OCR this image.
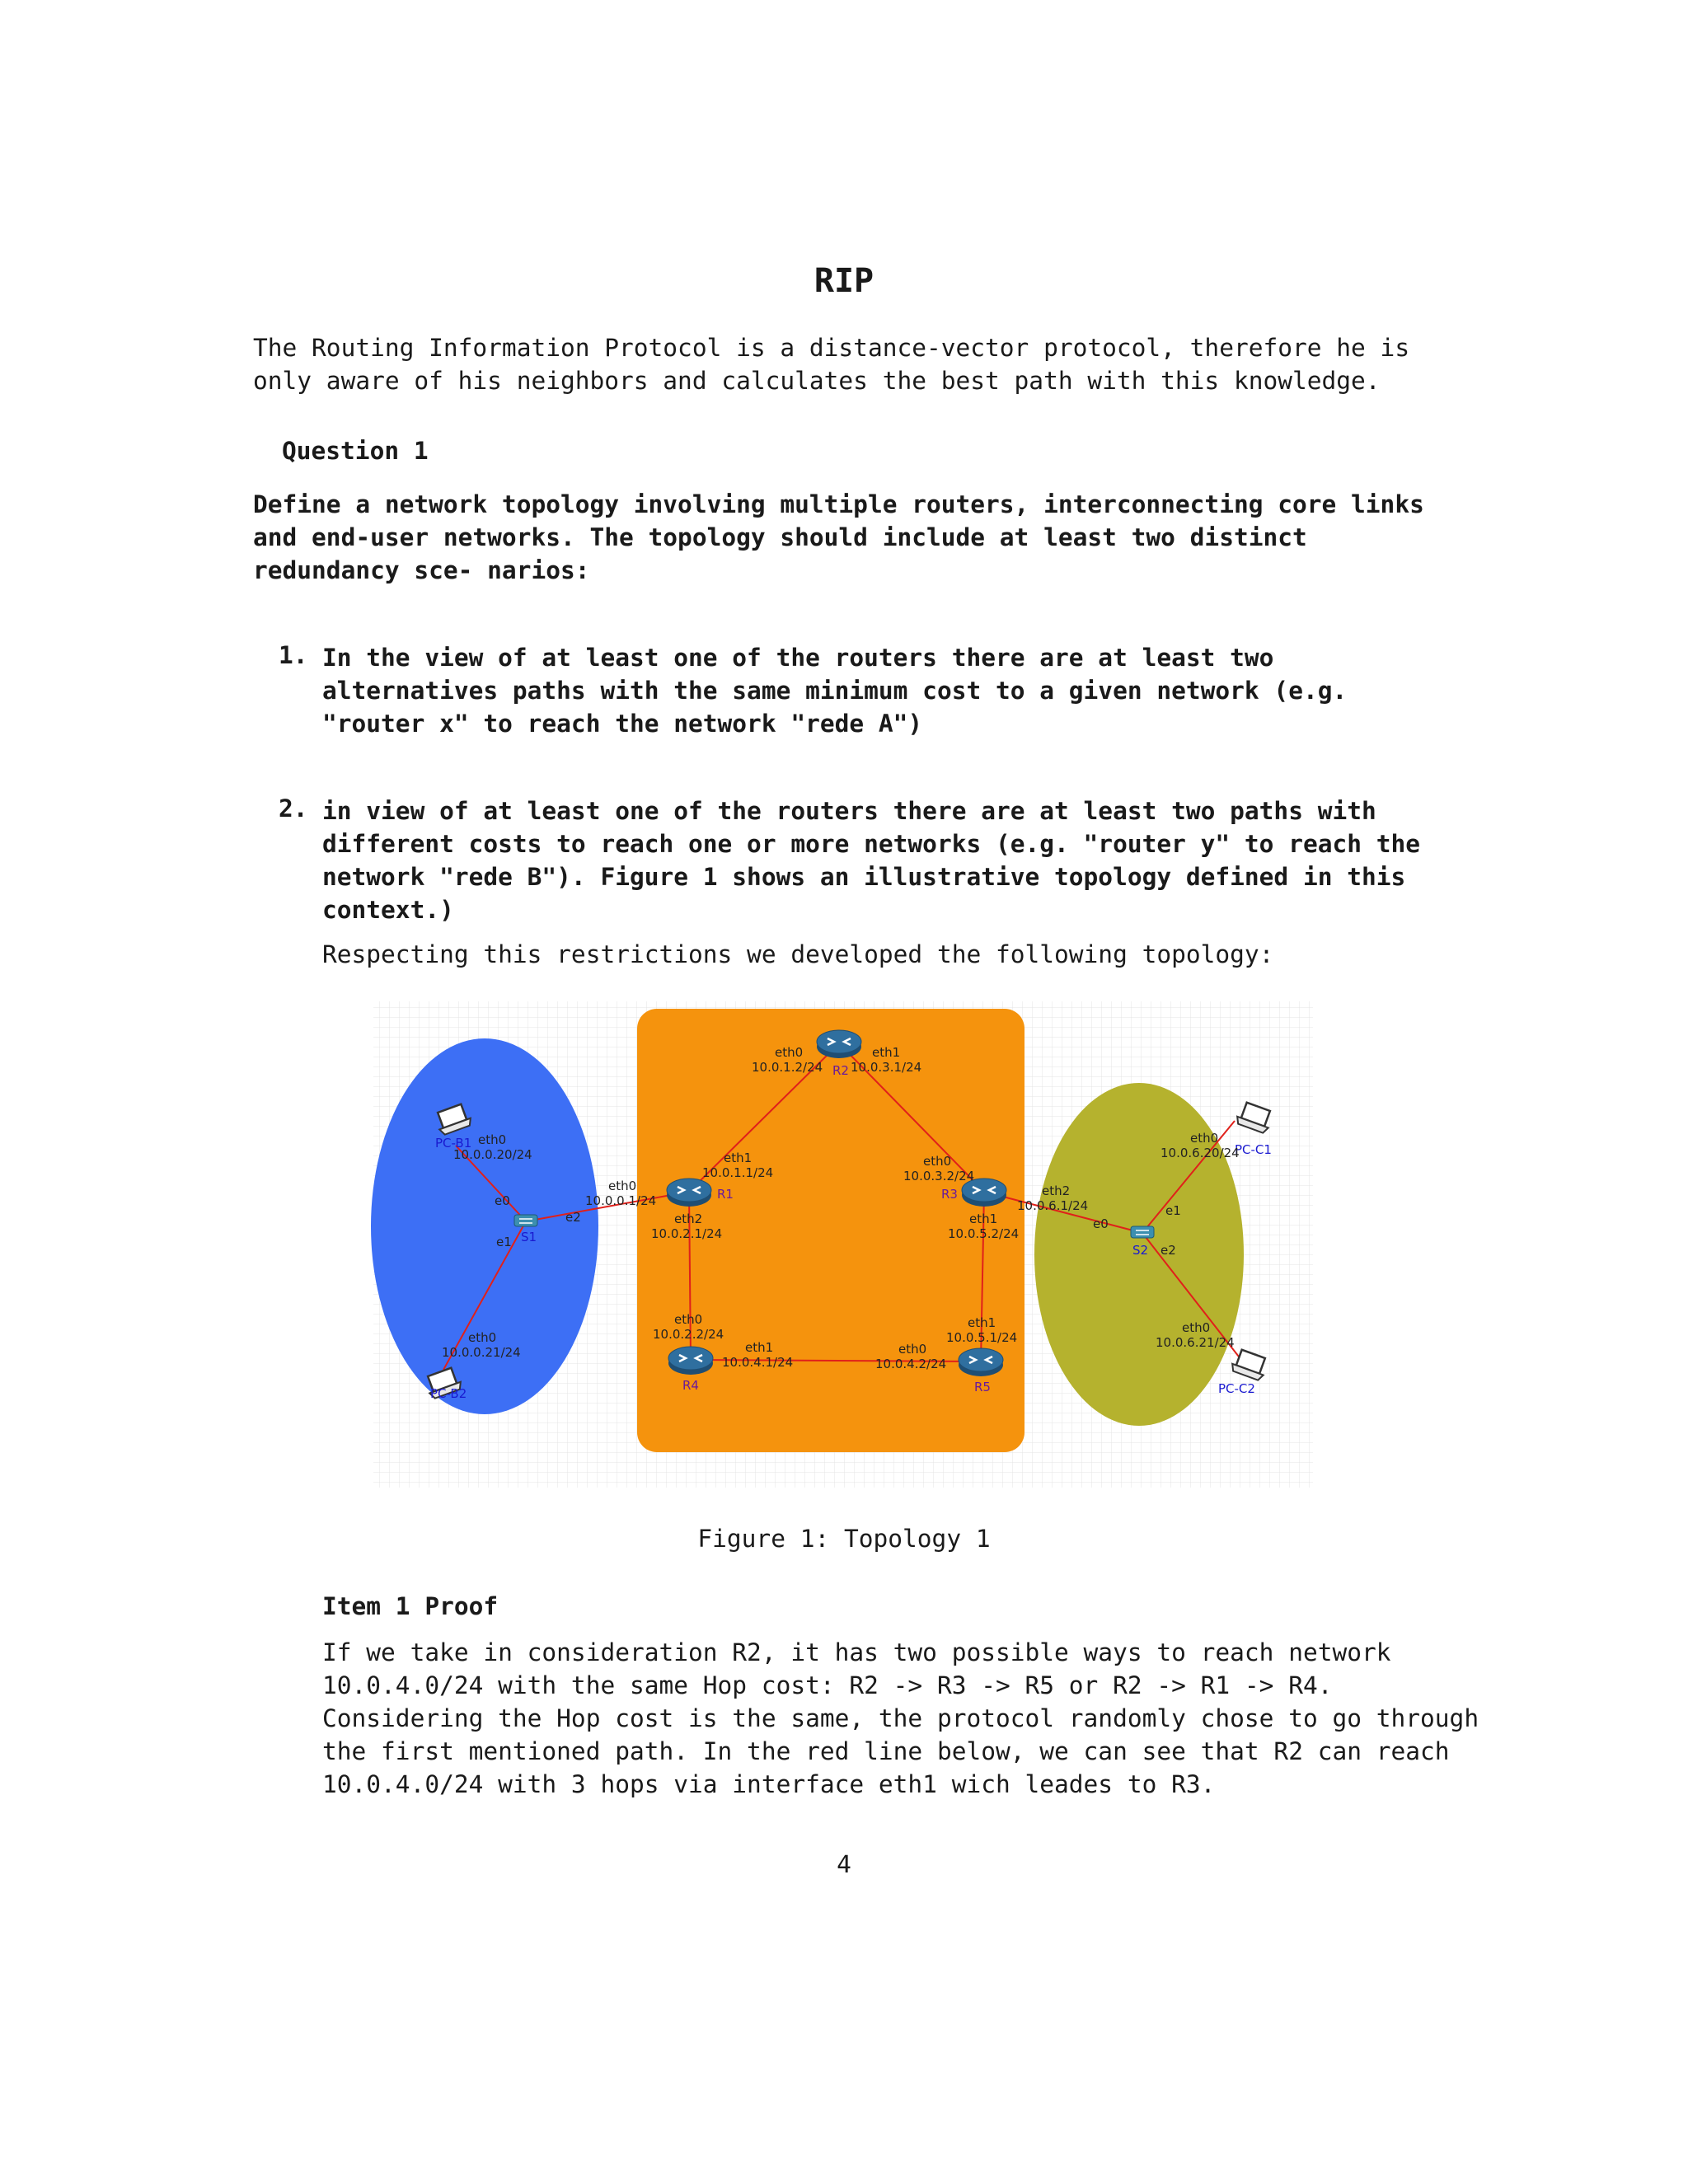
RIP
The Routing Information Protocol is a distance-vector protocol, therefore he is only aware of his neighbors and calculates the best path with this knowledge.
Question 1
Define a network topology involving multiple routers, interconnecting core links and end-user networks. The topology should include at least two distinct redundancy sce- narios:
1. In the view of at least one of the routers there are at least two alternatives paths with the same minimum cost to a given network (e.g. "router x" to reach the network "rede A")
2. in view of at least one of the routers there are at least two paths with different costs to reach one or more networks (e.g. "router y" to reach the network "rede B"). Figure 1 shows an illustrative topology defined in this context.)
Respecting this restrictions we developed the following topology:
PC-B1
PC-B2
S1
R1
R2
R3
R4	R5
S2
PC-C1
PC-C2
eth0
10.0.0.20/24
e0
e1
e2
eth0
10.0.0.21/24
eth0
10.0.0.1/24
eth1
10.0.1.1/24
eth2
10.0.2.1/24
eth0
10.0.1.2/24
eth1
10.0.3.1/24
eth0
10.0.3.2/24
eth1
10.0.5.2/24
eth2
10.0.6.1/24
eth0
10.0.2.2/24
eth1
10.0.4.1/24
eth0
10.0.4.2/24
eth1
10.0.5.1/24
e0
e1
e2
eth0
10.0.6.20/24
eth0
10.0.6.21/24
Figure 1: Topology 1
Item 1 Proof
If we take in consideration R2, it has two possible ways to reach network 10.0.4.0/24 with the same Hop cost: R2 -> R3 -> R5 or R2 -> R1 -> R4. Considering the Hop cost is the same, the protocol randomly chose to go through the first mentioned path. In the red line below, we can see that R2 can reach 10.0.4.0/24 with 3 hops via interface eth1 wich leades to R3.
4
